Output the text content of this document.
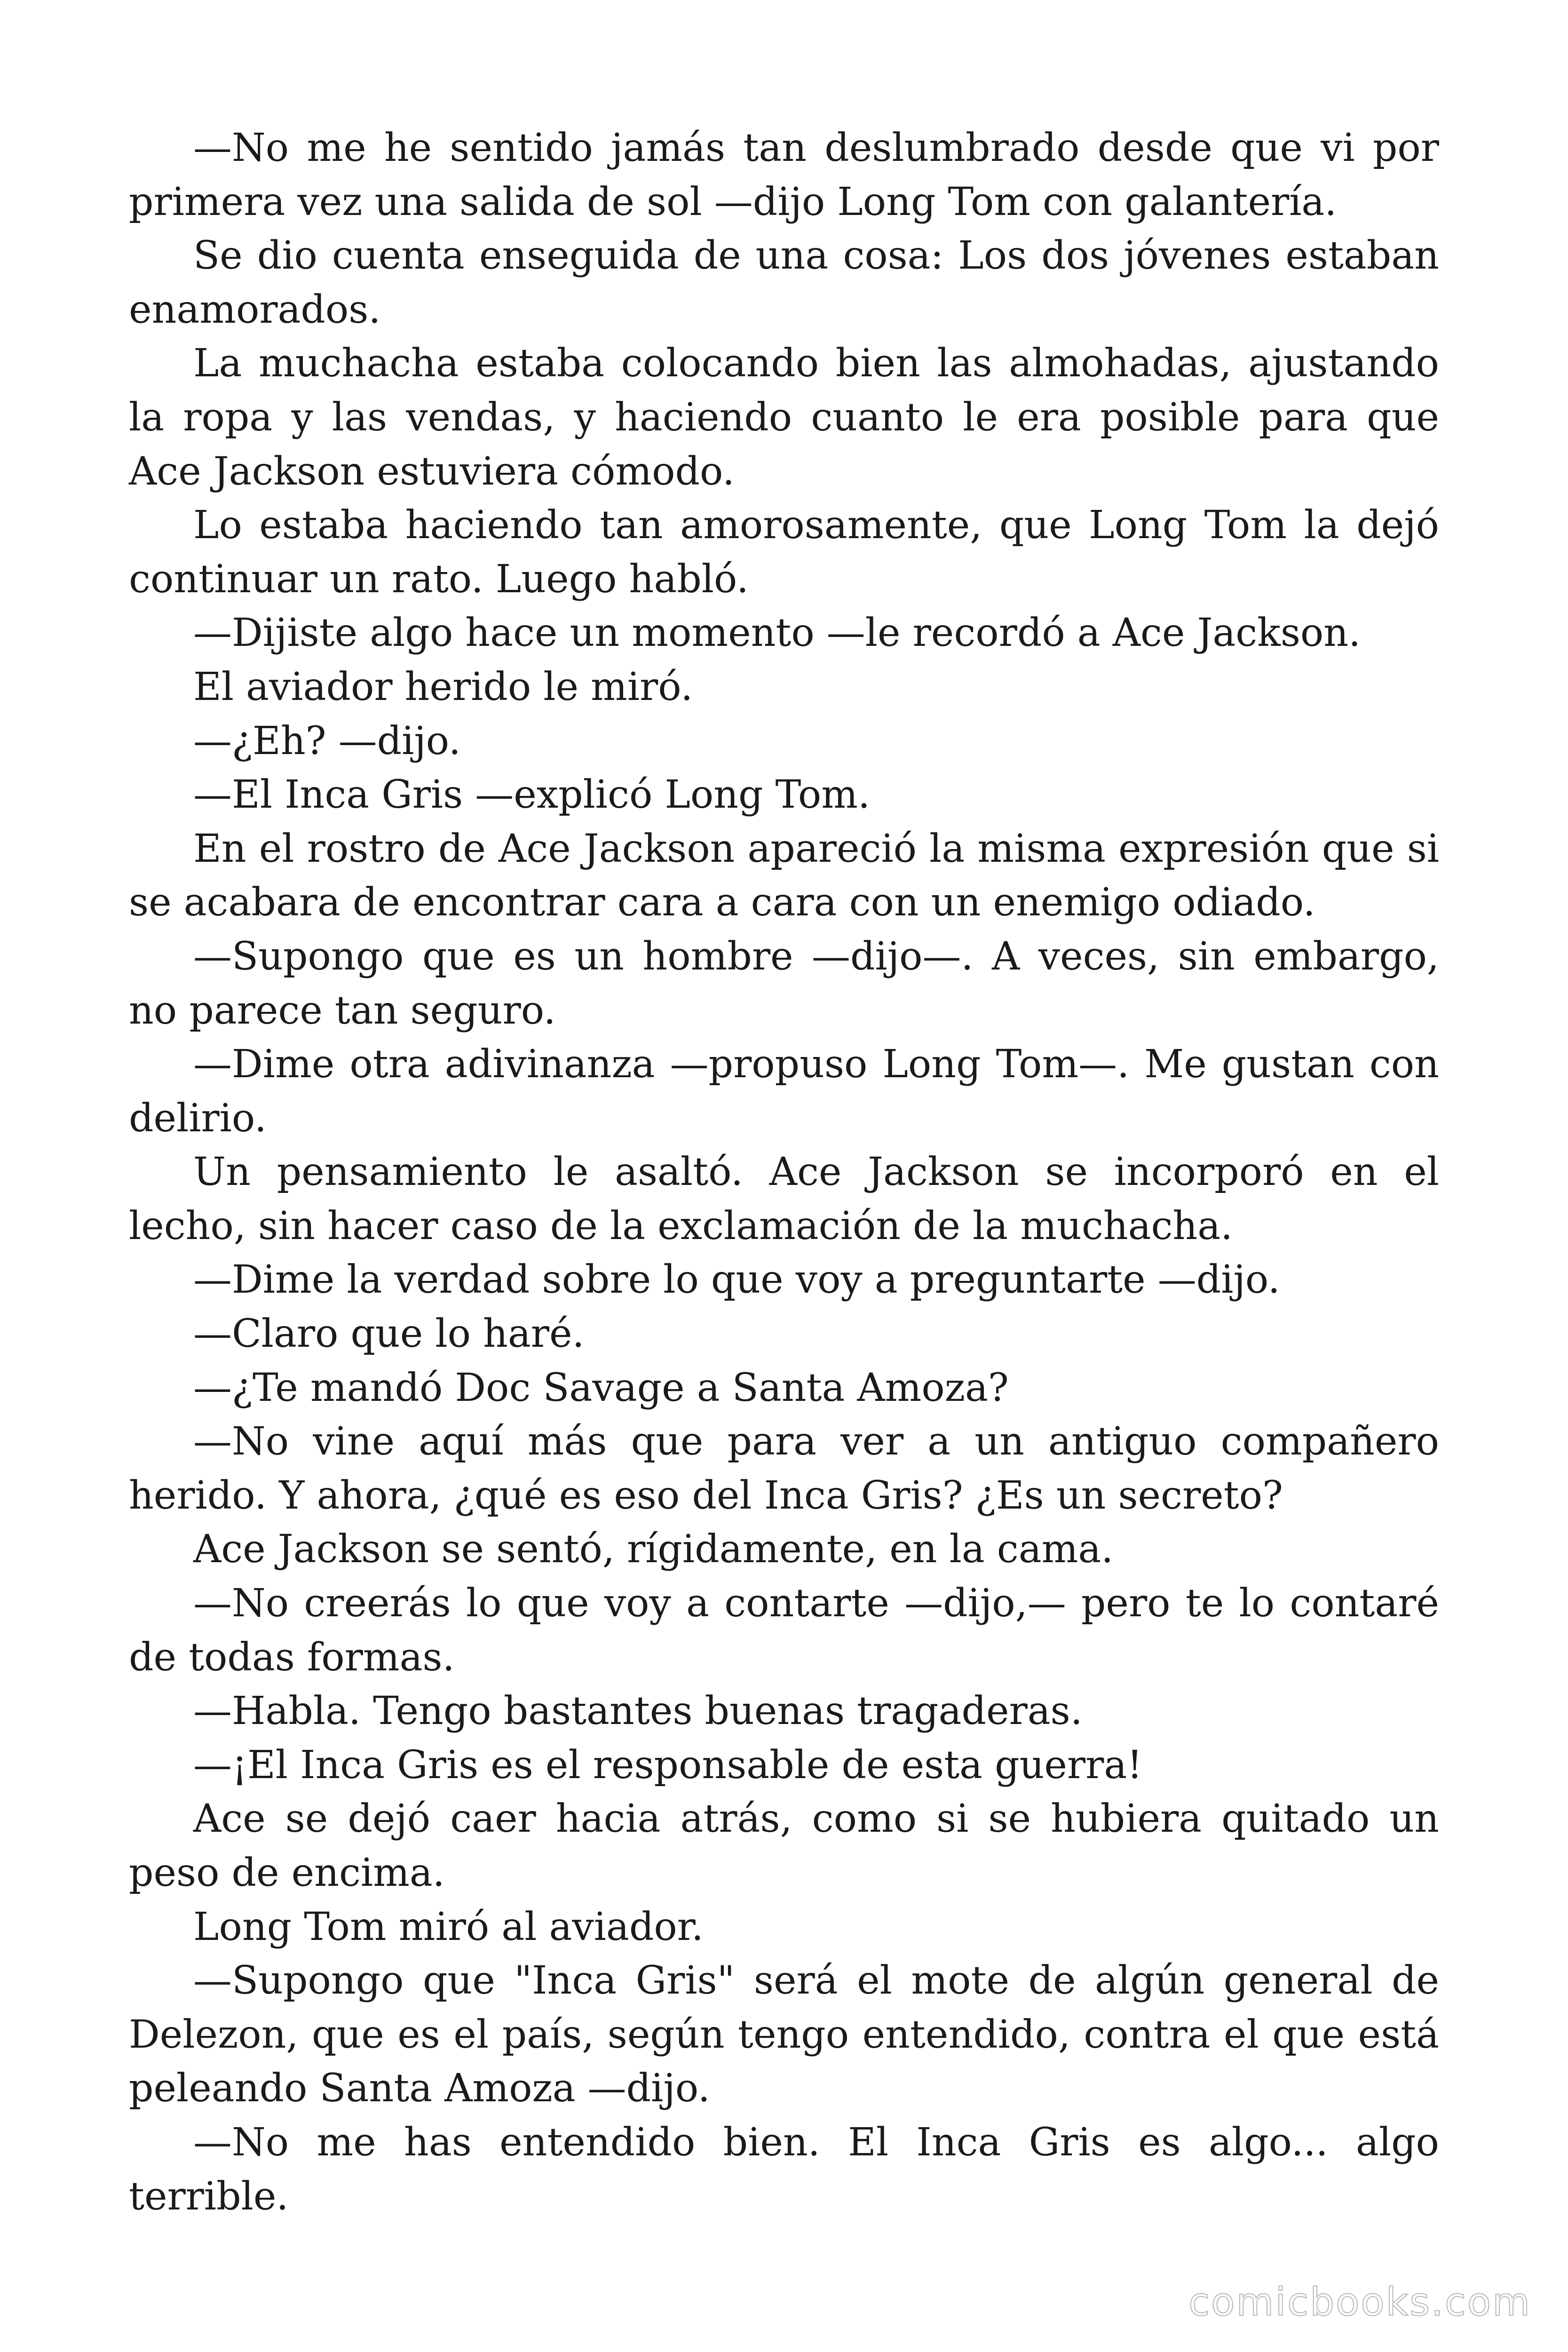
—No me he sentido jamás tan deslumbrado desde que vi por primera vez una salida de sol —dijo Long Tom con galantería.

Se dio cuenta enseguida de una cosa: Los dos jóvenes estaban enamorados.

La muchacha estaba colocando bien las almohadas, ajustando la ropa y las vendas, y haciendo cuanto le era posible para que Ace Jackson estuviera cómodo.

Lo estaba haciendo tan amorosamente, que Long Tom la dejó continuar un rato. Luego habló.

—Dijiste algo hace un momento —le recordó a Ace Jackson.

El aviador herido le miró.

—¿Eh? —dijo.

—El Inca Gris —explicó Long Tom.

En el rostro de Ace Jackson apareció la misma expresión que si se acabara de encontrar cara a cara con un enemigo odiado.

—Supongo que es un hombre —dijo—. A veces, sin embargo, no parece tan seguro.

—Dime otra adivinanza —propuso Long Tom—. Me gustan con delirio.

Un pensamiento le asaltó. Ace Jackson se incorporó en el lecho, sin hacer caso de la exclamación de la muchacha.

—Dime la verdad sobre lo que voy a preguntarte —dijo.

—Claro que lo haré.

—¿Te mandó Doc Savage a Santa Amoza?

—No vine aquí más que para ver a un antiguo compañero herido. Y ahora, ¿qué es eso del Inca Gris? ¿Es un secreto?

Ace Jackson se sentó, rígidamente, en la cama.

—No creerás lo que voy a contarte —dijo,— pero te lo contaré de todas formas.

—Habla. Tengo bastantes buenas tragaderas.

—¡El Inca Gris es el responsable de esta guerra!

Ace se dejó caer hacia atrás, como si se hubiera quitado un peso de encima.

Long Tom miró al aviador.

—Supongo que "Inca Gris" será el mote de algún general de Delezon, que es el país, según tengo entendido, contra el que está peleando Santa Amoza —dijo.

—No me has entendido bien. El Inca Gris es algo... algo terrible.

comicbooks.com
